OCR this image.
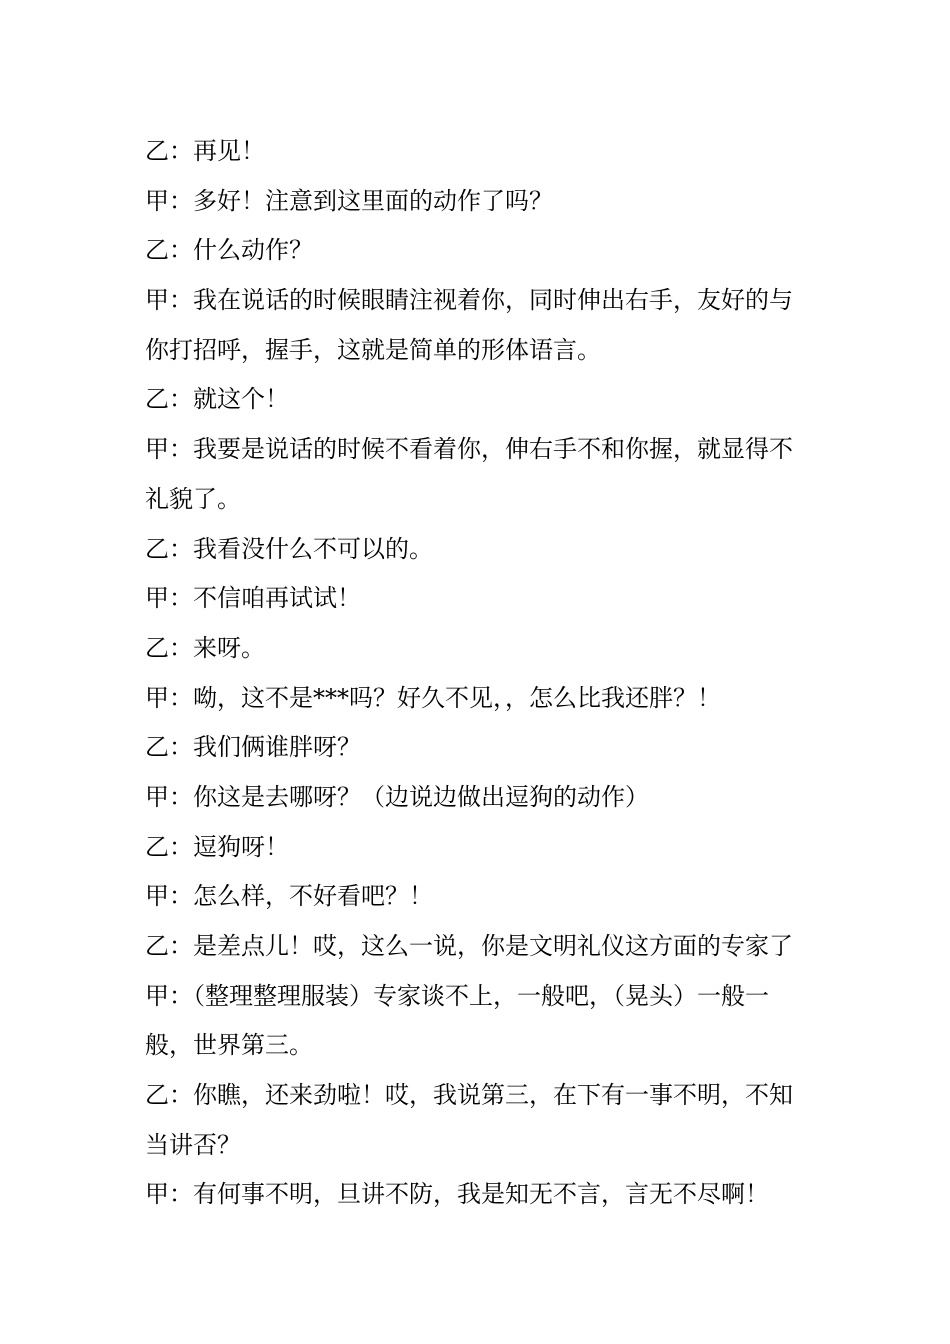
乙：再见！
甲：多好！注意到这里面的动作了吗？
乙：什么动作？
甲：我在说话的时候眼睛注视着你，同时伸出右手，友好的与
你打招呼，握手，这就是简单的形体语言。
乙：就这个！
甲：我要是说话的时候不看着你，伸右手不和你握，就显得不
礼貌了。
乙：我看没什么不可以的。
甲：不信咱再试试！
乙：来呀。
甲：呦，这不是***吗？好久不见，，怎么比我还胖？！
乙：我们俩谁胖呀？
甲：你这是去哪呀？（边说边做出逗狗的动作）
乙：逗狗呀！
甲：怎么样，不好看吧？！
乙：是差点儿！哎，这么一说，你是文明礼仪这方面的专家了
甲：（整理整理服装）专家谈不上，一般吧，（晃头）一般一
般，世界第三。
乙：你瞧，还来劲啦！哎，我说第三，在下有一事不明，不知
当讲否？
甲：有何事不明，旦讲不防，我是知无不言，言无不尽啊！
